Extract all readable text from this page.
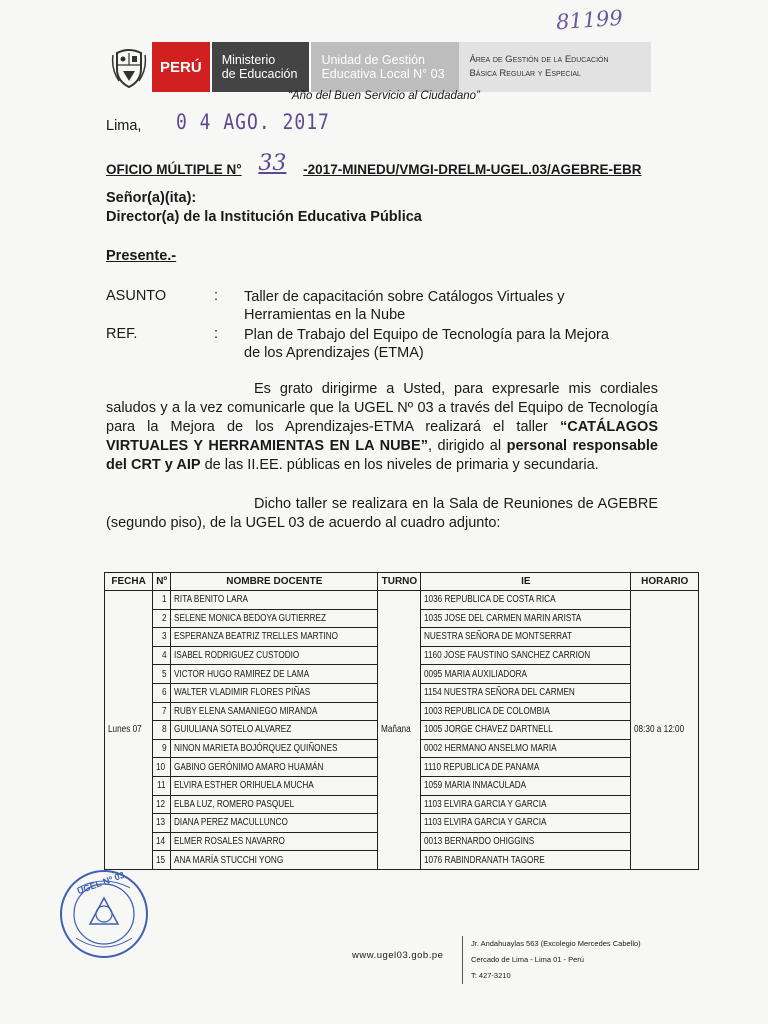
81199
PERÚ	Ministerio
de Educación
Unidad de Gestión
Educativa Local N° 03
Área de Gestión de la Educación
Básica Regular y Especial
“Año del Buen Servicio al Ciudadano”
Lima, 0 4 AGO. 2017
OFICIO MÚLTIPLE N° 33 -2017-MINEDU/VMGI-DRELM-UGEL.03/AGEBRE-EBR
Señor(a)(ita):
Director(a) de la Institución Educativa Pública
Presente.-
ASUNTO	: Taller de capacitación sobre Catálogos Virtuales y
Herramientas en la Nube
REF.	: Plan de Trabajo del Equipo de Tecnología para la Mejora
de los Aprendizajes (ETMA)
Es grato dirigirme a Usted, para expresarle mis cordiales saludos y a la vez comunicarle que la UGEL Nº 03 a través del Equipo de Tecnología para la Mejora de los Aprendizajes-ETMA realizará el taller “CATÁLAGOS VIRTUALES Y HERRAMIENTAS EN LA NUBE”, dirigido al personal responsable del CRT y AIP de las II.EE. públicas en los niveles de primaria y secundaria.
Dicho taller se realizara en la Sala de Reuniones de AGEBRE (segundo piso), de la UGEL 03 de acuerdo al cuadro adjunto:
FECHA	Nº	NOMBRE DOCENTE	TURNO	IE	HORARIO
Lunes 07	1	RITA BENITO LARA	Mañana	1036 REPUBLICA DE COSTA RICA	08:30 a 12:00
	2	SELENE MONICA BEDOYA GUTIERREZ		1035 JOSE DEL CARMEN MARIN ARISTA	
	3	ESPERANZA BEATRIZ TRELLES MARTINO		NUESTRA SEÑORA DE MONTSERRAT	
	4	ISABEL RODRIGUEZ CUSTODIO		1160 JOSE FAUSTINO SANCHEZ CARRION	
	5	VICTOR HUGO RAMIREZ DE LAMA		0095 MARIA AUXILIADORA	
	6	WALTER VLADIMIR FLORES PIÑAS		1154 NUESTRA SEÑORA DEL CARMEN	
	7	RUBY ELENA SAMANIEGO MIRANDA		1003 REPUBLICA DE COLOMBIA	
	8	GUIULIANA SOTELO ALVAREZ		1005 JORGE CHAVEZ DARTNELL	
	9	NINON MARIETA BOJÓRQUEZ QUIÑONES		0002 HERMANO ANSELMO MARIA	
	10	GABINO GERÓNIMO AMARO HUAMÁN		1110 REPUBLICA DE PANAMA	
	11	ELVIRA ESTHER ORIHUELA MUCHA		1059 MARIA INMACULADA	
	12	ELBA LUZ, ROMERO PASQUEL		1103 ELVIRA GARCIA Y GARCIA	
	13	DIANA PEREZ MACULLUNCO		1103 ELVIRA GARCIA Y GARCIA	
	14	ELMER ROSALES NAVARRO		0013 BERNARDO OHIGGINS	
	15	ANA MARÍA STUCCHI YONG		1076 RABINDRANATH TAGORE	
UGEL Nº 03
www.ugel03.gob.pe
Jr. Andahuaylas 563 (Excolegio Mercedes Cabello)
Cercado de Lima - Lima 01 - Perú
T: 427-3210
